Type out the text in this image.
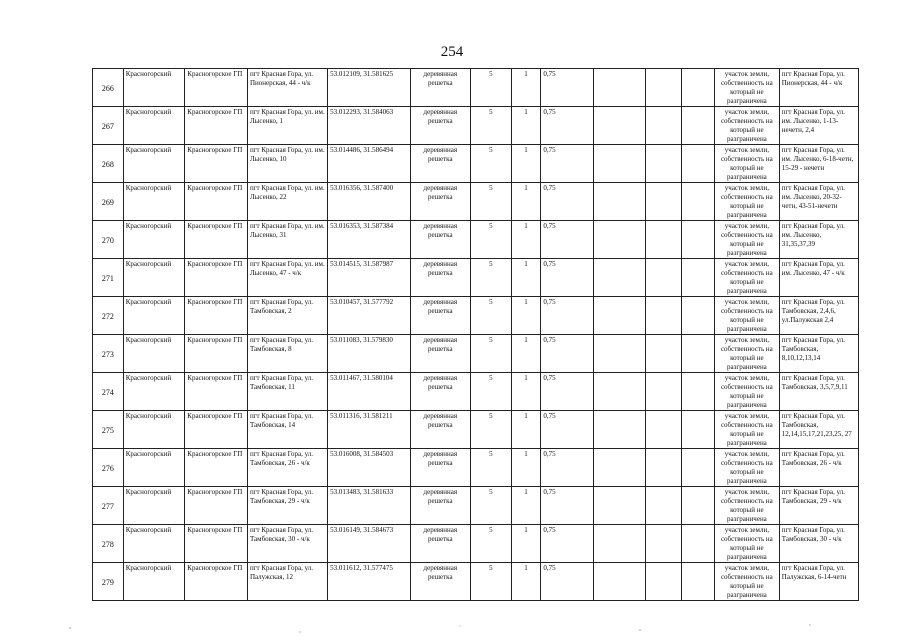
254
266	Красногорский	Красногорское ГП	пгт Красная Гора, ул. Пионерская, 44 - ч/к	53.012109, 31.581625	деревянная решетка	5	1	0,75				участок земли, собственность на который не разграничена	пгт Красная Гора, ул. Пионерская, 44 - ч/к
267	Красногорский	Красногорское ГП	пгт Красная Гора, ул. им. Лысенко, 1	53.012293, 31.584063	деревянная решетка	5	1	0,75				участок земли, собственность на который не разграничена	пгт Красная Гора, ул. им. Лысенко, 1-13-нечетн, 2,4
268	Красногорский	Красногорское ГП	пгт Красная Гора, ул. им. Лысенко, 10	53.014486, 31.586494	деревянная решетка	5	1	0,75				участок земли, собственность на который не разграничена	пгт Красная Гора, ул. им. Лысенко, 6-18-четн, 15-29 - нечетн
269	Красногорский	Красногорское ГП	пгт Красная Гора, ул. им. Лысенко, 22	53.016356, 31.587400	деревянная решетка	5	1	0,75				участок земли, собственность на который не разграничена	пгт Красная Гора, ул. им. Лысенко, 20-32-четн, 43-51-нечетн
270	Красногорский	Красногорское ГП	пгт Красная Гора, ул. им. Лысенко, 31	53.016353, 31.587384	деревянная решетка	5	1	0,75				участок земли, собственность на который не разграничена	пгт Красная Гора, ул. им. Лысенко, 31,35,37,39
271	Красногорский	Красногорское ГП	пгт Красная Гора, ул. им. Лысенко, 47 - ч/к	53.014515, 31.587987	деревянная решетка	5	1	0,75				участок земли, собственность на который не разграничена	пгт Красная Гора, ул. им. Лысенко, 47 - ч/к
272	Красногорский	Красногорское ГП	пгт Красная Гора, ул. Тамбовская, 2	53.010457, 31.577792	деревянная решетка	5	1	0,75				участок земли, собственность на который не разграничена	пгт Красная Гора, ул. Тамбовская, 2,4,6, ул.Палужская 2,4
273	Красногорский	Красногорское ГП	пгт Красная Гора, ул. Тамбовская, 8	53.011083, 31.579830	деревянная решетка	5	1	0,75				участок земли, собственность на который не разграничена	пгт Красная Гора, ул. Тамбовская, 8,10,12,13,14
274	Красногорский	Красногорское ГП	пгт Красная Гора, ул. Тамбовская, 11	53.011467, 31.580104	деревянная решетка	5	1	0,75				участок земли, собственность на который не разграничена	пгт Красная Гора, ул. Тамбовская, 3,5,7,9,11
275	Красногорский	Красногорское ГП	пгт Красная Гора, ул. Тамбовская, 14	53.011316, 31.581211	деревянная решетка	5	1	0,75				участок земли, собственность на который не разграничена	пгт Красная Гора, ул. Тамбовская, 12,14,15,17,21,23,25, 27
276	Красногорский	Красногорское ГП	пгт Красная Гора, ул. Тамбовская, 26 - ч/к	53.016008, 31.584503	деревянная решетка	5	1	0,75				участок земли, собственность на который не разграничена	пгт Красная Гора, ул. Тамбовская, 26 - ч/к
277	Красногорский	Красногорское ГП	пгт Красная Гора, ул. Тамбовская, 29 - ч/к	53.013483, 31.581633	деревянная решетка	5	1	0,75				участок земли, собственность на который не разграничена	пгт Красная Гора, ул. Тамбовская, 29 - ч/к
278	Красногорский	Красногорское ГП	пгт Красная Гора, ул. Тамбовская, 30 - ч/к	53.016149, 31.584673	деревянная решетка	5	1	0,75				участок земли, собственность на который не разграничена	пгт Красная Гора, ул. Тамбовская, 30 - ч/к
279	Красногорский	Красногорское ГП	пгт Красная Гора, ул. Палужская, 12	53.011612, 31.577475	деревянная решетка	5	1	0,75				участок земли, собственность на который не разграничена	пгт Красная Гора, ул. Палужская, 6-14-четн
